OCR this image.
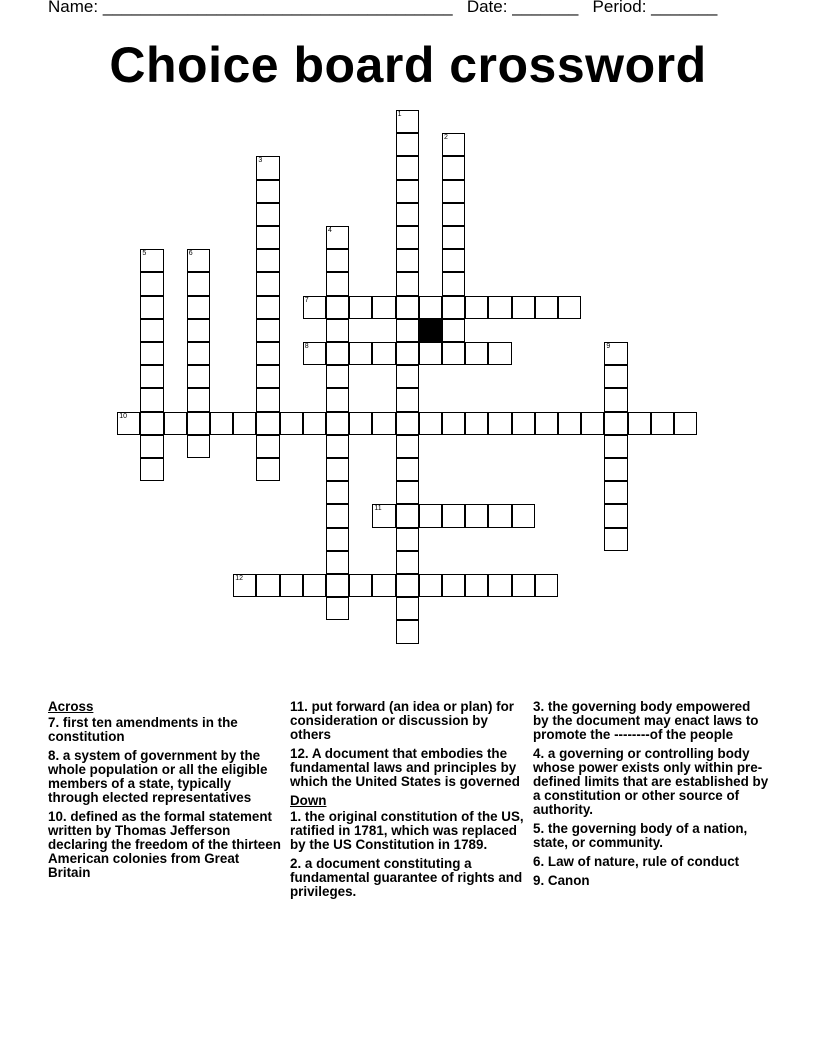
Name: _____________________________________ Date: _______ Period: _______
Choice board crossword
1
2
3
4
5	6
7
8	9
10
11
12
Across
7. first ten amendments in the constitution
8. a system of government by the whole population or all the eligible members of a state, typically through elected representatives
10. defined as the formal statement written by Thomas Jefferson declaring the freedom of the thirteen American colonies from Great Britain
11. put forward (an idea or plan) for consideration or discussion by others
12. A document that embodies the fundamental laws and principles by which the United States is governed
Down
1. the original constitution of the US, ratified in 1781, which was replaced by the US Constitution in 1789.
2. a document constituting a fundamental guarantee of rights and privileges.
3. the governing body empowered by the document may enact laws to promote the --------of the people
4. a governing or controlling body whose power exists only within pre-defined limits that are established by a constitution or other source of authority.
5. the governing body of a nation, state, or community.
6. Law of nature, rule of conduct
9. Canon
